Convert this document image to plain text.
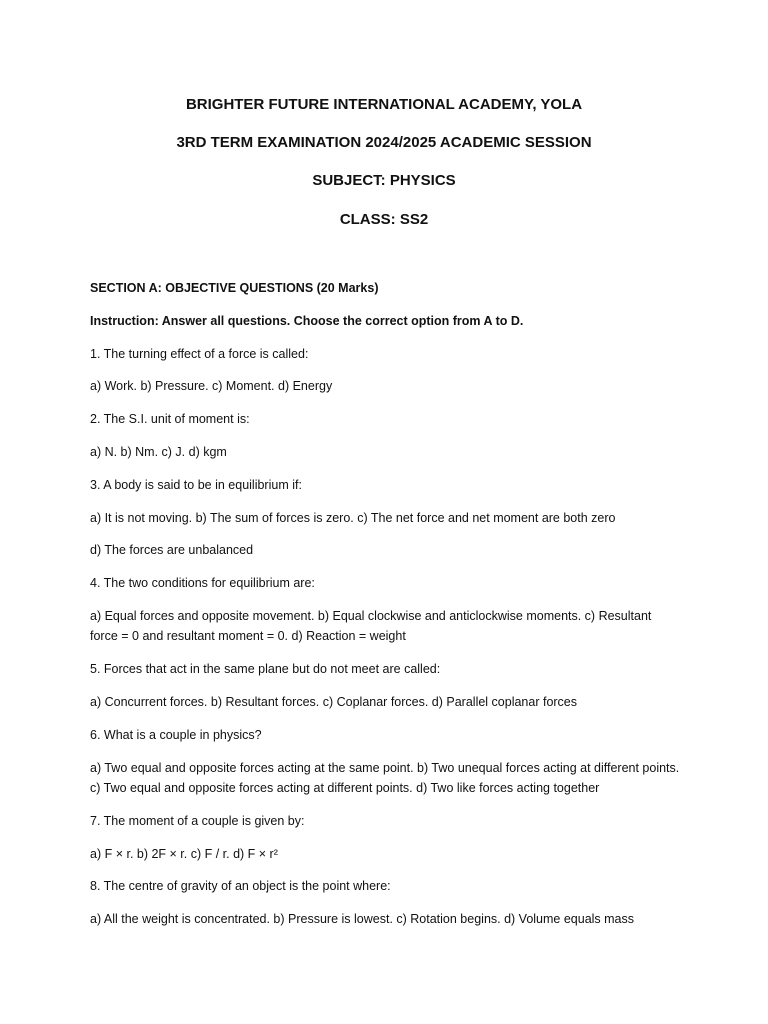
BRIGHTER FUTURE INTERNATIONAL ACADEMY, YOLA
3RD TERM EXAMINATION 2024/2025 ACADEMIC SESSION
SUBJECT: PHYSICS
CLASS: SS2
SECTION A: OBJECTIVE QUESTIONS (20 Marks)
Instruction: Answer all questions. Choose the correct option from A to D.
1. The turning effect of a force is called:
a) Work. b) Pressure. c) Moment. d) Energy
2. The S.I. unit of moment is:
a) N. b) Nm. c) J. d) kgm
3. A body is said to be in equilibrium if:
a) It is not moving. b) The sum of forces is zero. c) The net force and net moment are both zero
d) The forces are unbalanced
4. The two conditions for equilibrium are:
a) Equal forces and opposite movement. b) Equal clockwise and anticlockwise moments. c) Resultant force = 0 and resultant moment = 0. d) Reaction = weight
5. Forces that act in the same plane but do not meet are called:
a) Concurrent forces. b) Resultant forces. c) Coplanar forces. d) Parallel coplanar forces
6. What is a couple in physics?
a) Two equal and opposite forces acting at the same point. b) Two unequal forces acting at different points. c) Two equal and opposite forces acting at different points. d) Two like forces acting together
7. The moment of a couple is given by:
a) F × r. b) 2F × r. c) F / r. d) F × r²
8. The centre of gravity of an object is the point where:
a) All the weight is concentrated. b) Pressure is lowest. c) Rotation begins. d) Volume equals mass
